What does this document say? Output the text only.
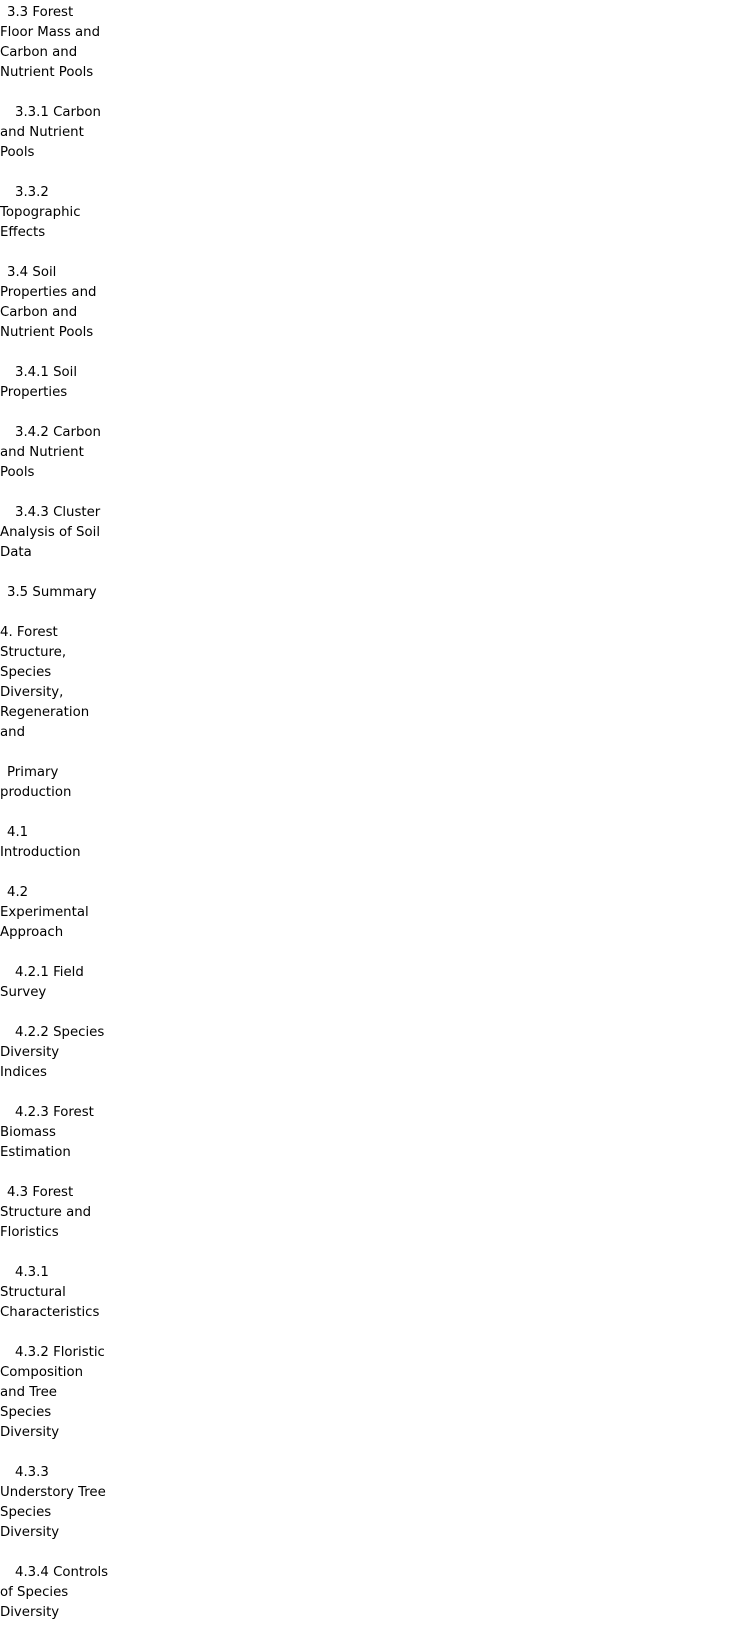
3.3 Forest Floor Mass and Carbon and Nutrient Pools

3.3.1 Carbon and Nutrient Pools

3.3.2 Topographic Effects

3.4 Soil Properties and Carbon and Nutrient Pools

3.4.1 Soil Properties

3.4.2 Carbon and Nutrient Pools

3.4.3 Cluster Analysis of Soil Data

3.5 Summary

4. Forest Structure, Species Diversity, Regeneration and

Primary production

4.1 Introduction

4.2 Experimental Approach

4.2.1 Field Survey

4.2.2 Species Diversity Indices

4.2.3 Forest Biomass Estimation

4.3 Forest Structure and Floristics

4.3.1 Structural Characteristics

4.3.2 Floristic Composition and Tree Species Diversity

4.3.3 Understory Tree Species Diversity

4.3.4 Controls of Species Diversity
